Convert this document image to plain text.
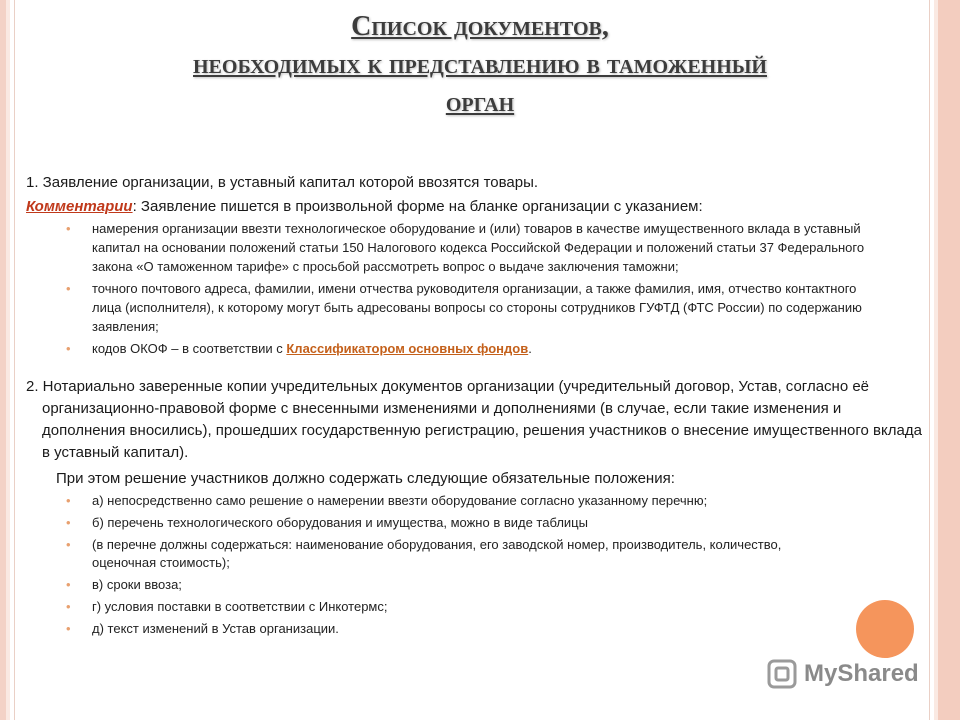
Список документов,
необходимых к представлению в таможенный
орган
1. Заявление организации, в уставный капитал которой ввозятся товары.
Комментарии: Заявление пишется в произвольной форме на бланке организации с указанием:
• намерения организации ввезти технологическое оборудование и (или) товаров в качестве имущественного вклада в уставный капитал на основании положений статьи 150 Налогового кодекса Российской Федерации и положений статьи 37 Федерального закона «О таможенном тарифе» с просьбой рассмотреть вопрос о выдаче заключения таможни;
• точного почтового адреса, фамилии, имени отчества руководителя организации, а также фамилия, имя, отчество контактного лица (исполнителя), к которому могут быть адресованы вопросы со стороны сотрудников ГУФТД (ФТС России) по содержанию заявления;
• кодов ОКОФ – в соответствии с Классификатором основных фондов.
2. Нотариально заверенные копии учредительных документов организации (учредительный договор, Устав, согласно её организационно-правовой форме с внесенными изменениями и дополнениями (в случае, если такие изменения и дополнения вносились), прошедших государственную регистрацию, решения участников о внесение имущественного вклада в уставный капитал).
При этом решение участников должно содержать следующие обязательные положения:
• а) непосредственно само решение о намерении ввезти оборудование согласно указанному перечню;
• б) перечень технологического оборудования и имущества, можно в виде таблицы
• (в перечне должны содержаться: наименование оборудования, его заводской номер, производитель, количество, оценочная стоимость);
• в) сроки ввоза;
• г) условия поставки в соответствии с Инкотермс;
• д) текст изменений в Устав организации.
MyShared
